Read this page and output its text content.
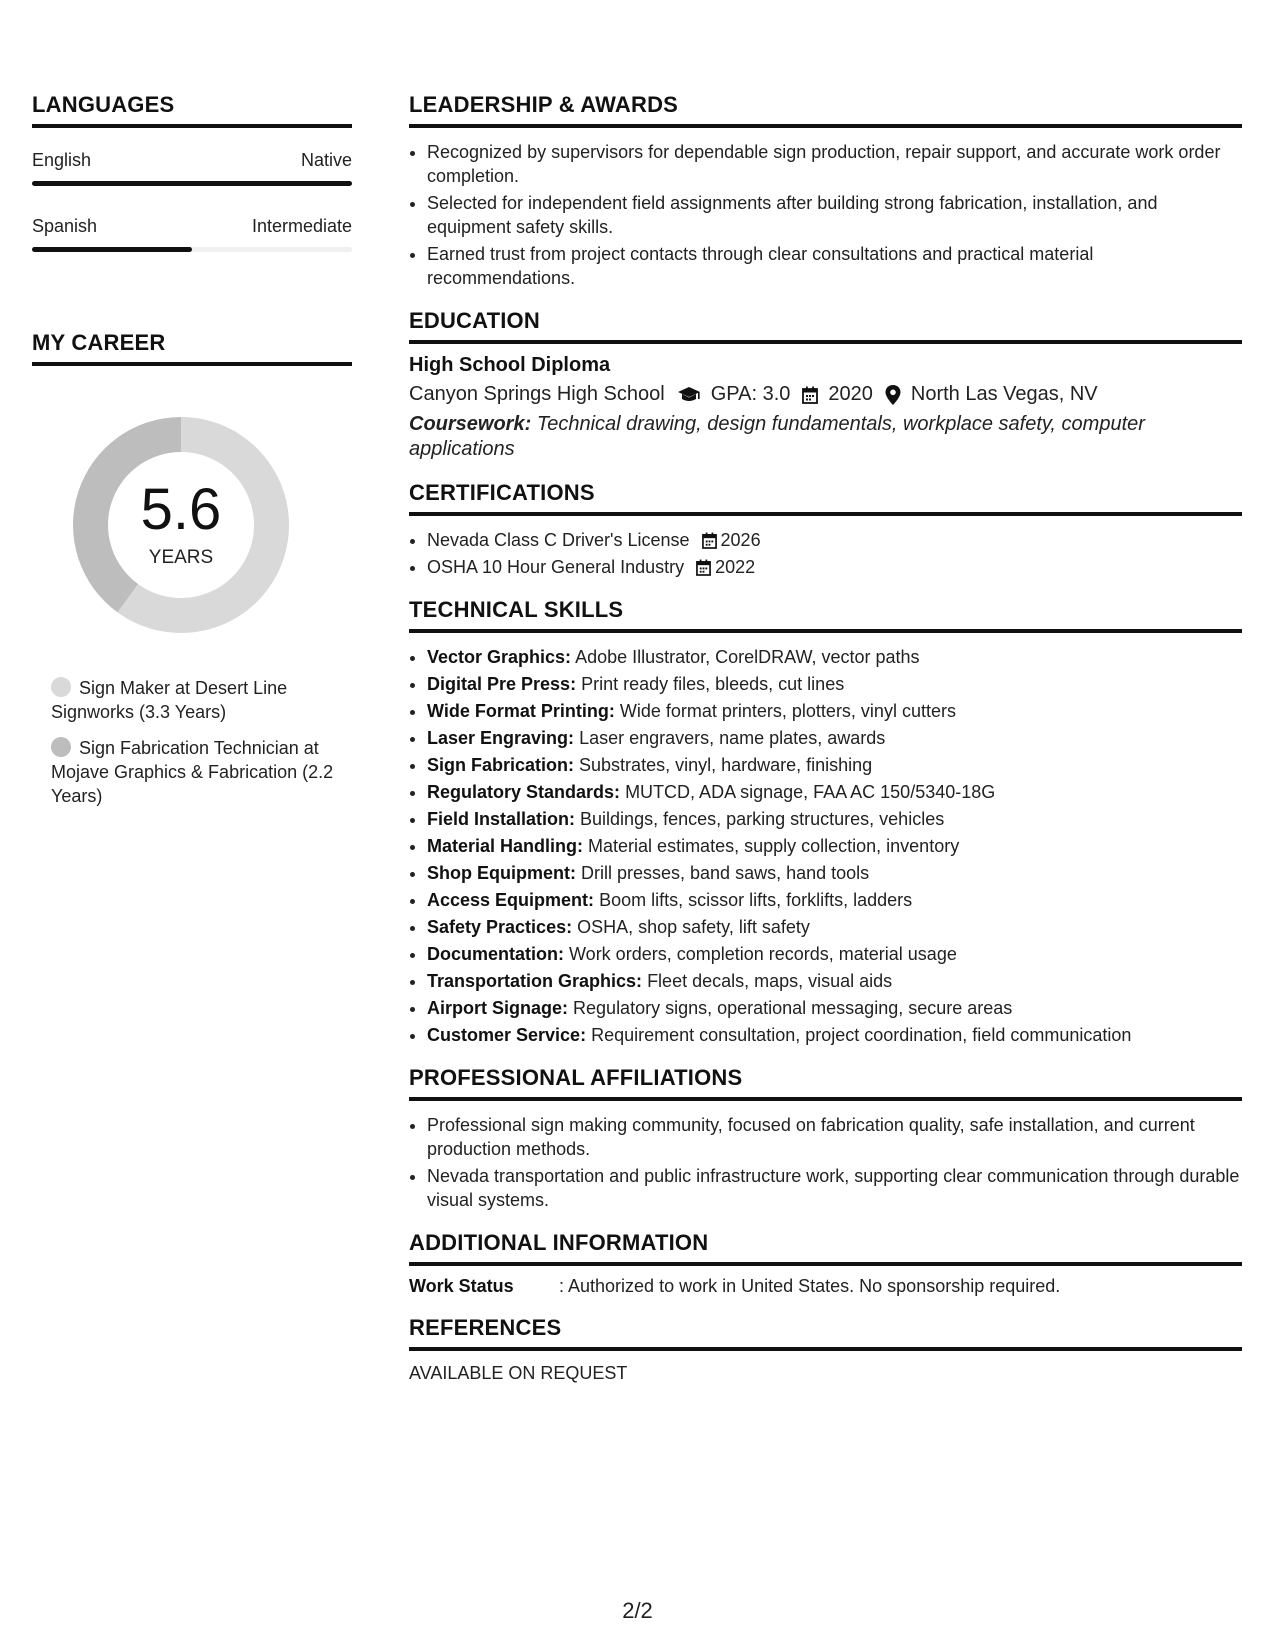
LANGUAGES
English	Native
Spanish	Intermediate
MY CAREER
5.6
YEARS
Sign Maker at Desert Line Signworks (3.3 Years)
Sign Fabrication Technician at Mojave Graphics & Fabrication (2.2 Years)
LEADERSHIP & AWARDS
• Recognized by supervisors for dependable sign production, repair support, and accurate work order completion.
• Selected for independent field assignments after building strong fabrication, installation, and equipment safety skills.
• Earned trust from project contacts through clear consultations and practical material recommendations.
EDUCATION
High School Diploma
Canyon Springs High School GPA: 3.0 2020 North Las Vegas, NV
Coursework: Technical drawing, design fundamentals, workplace safety, computer applications
CERTIFICATIONS
• Nevada Class C Driver's License 2026
• OSHA 10 Hour General Industry 2022
TECHNICAL SKILLS
• Vector Graphics: Adobe Illustrator, CorelDRAW, vector paths
• Digital Pre Press: Print ready files, bleeds, cut lines
• Wide Format Printing: Wide format printers, plotters, vinyl cutters
• Laser Engraving: Laser engravers, name plates, awards
• Sign Fabrication: Substrates, vinyl, hardware, finishing
• Regulatory Standards: MUTCD, ADA signage, FAA AC 150/5340-18G
• Field Installation: Buildings, fences, parking structures, vehicles
• Material Handling: Material estimates, supply collection, inventory
• Shop Equipment: Drill presses, band saws, hand tools
• Access Equipment: Boom lifts, scissor lifts, forklifts, ladders
• Safety Practices: OSHA, shop safety, lift safety
• Documentation: Work orders, completion records, material usage
• Transportation Graphics: Fleet decals, maps, visual aids
• Airport Signage: Regulatory signs, operational messaging, secure areas
• Customer Service: Requirement consultation, project coordination, field communication
PROFESSIONAL AFFILIATIONS
• Professional sign making community, focused on fabrication quality, safe installation, and current production methods.
• Nevada transportation and public infrastructure work, supporting clear communication through durable visual systems.
ADDITIONAL INFORMATION
Work Status	: Authorized to work in United States. No sponsorship required.
REFERENCES
AVAILABLE ON REQUEST
2/2
